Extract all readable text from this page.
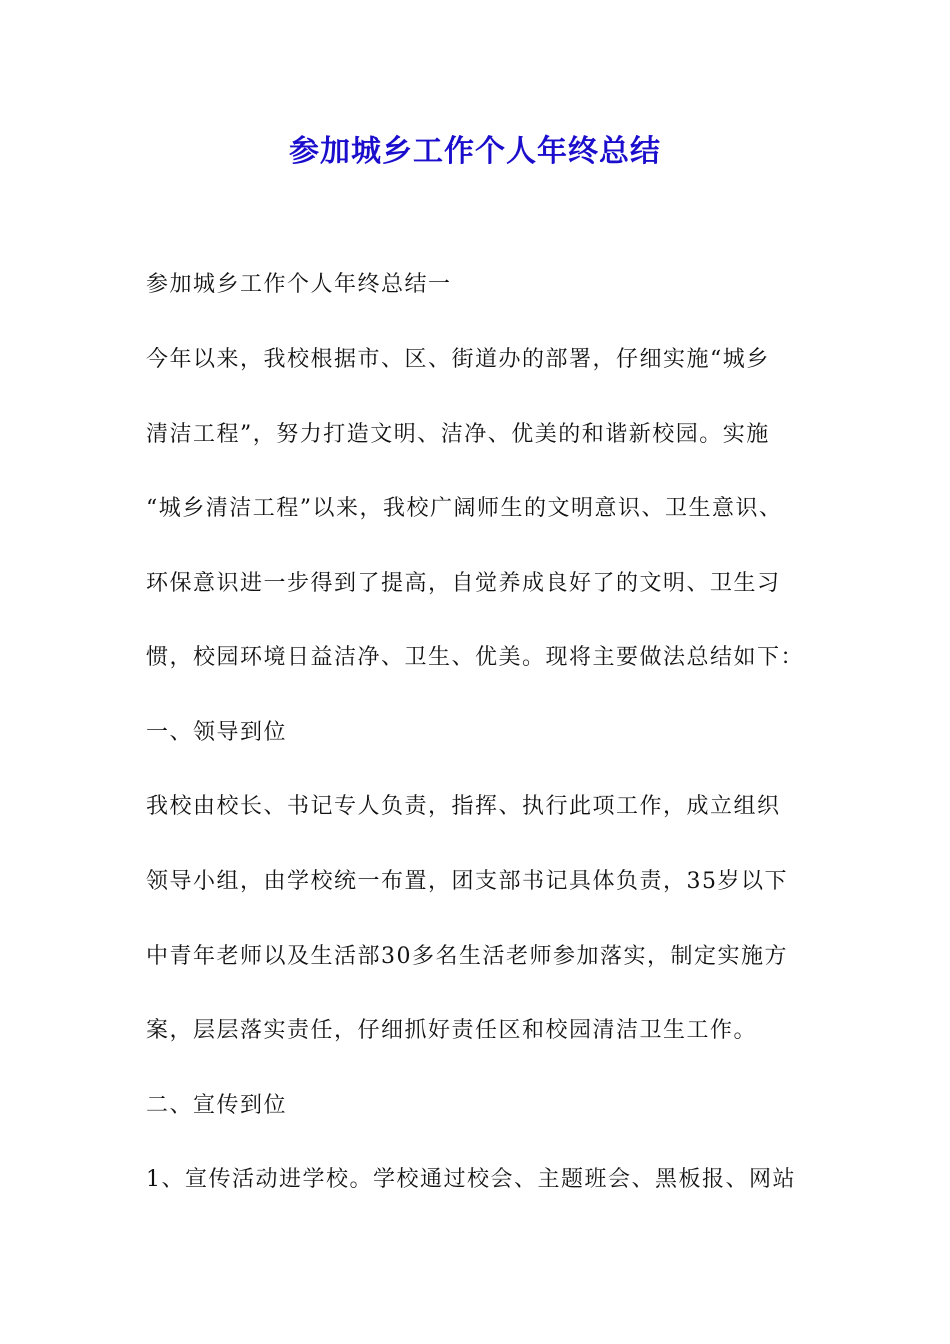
参加城乡工作个人年终总结
参加城乡工作个人年终总结一
今年以来，我校根据市、区、街道办的部署，仔细实施“城乡
清洁工程”，努力打造文明、洁净、优美的和谐新校园。实施
“城乡清洁工程”以来，我校广阔师生的文明意识、卫生意识、
环保意识进一步得到了提高，自觉养成良好了的文明、卫生习
惯，校园环境日益洁净、卫生、优美。现将主要做法总结如下：
一、领导到位
我校由校长、书记专人负责，指挥、执行此项工作，成立组织
领导小组，由学校统一布置，团支部书记具体负责，35岁以下
中青年老师以及生活部30多名生活老师参加落实，制定实施方
案，层层落实责任，仔细抓好责任区和校园清洁卫生工作。
二、宣传到位
1、宣传活动进学校。学校通过校会、主题班会、黑板报、网站
